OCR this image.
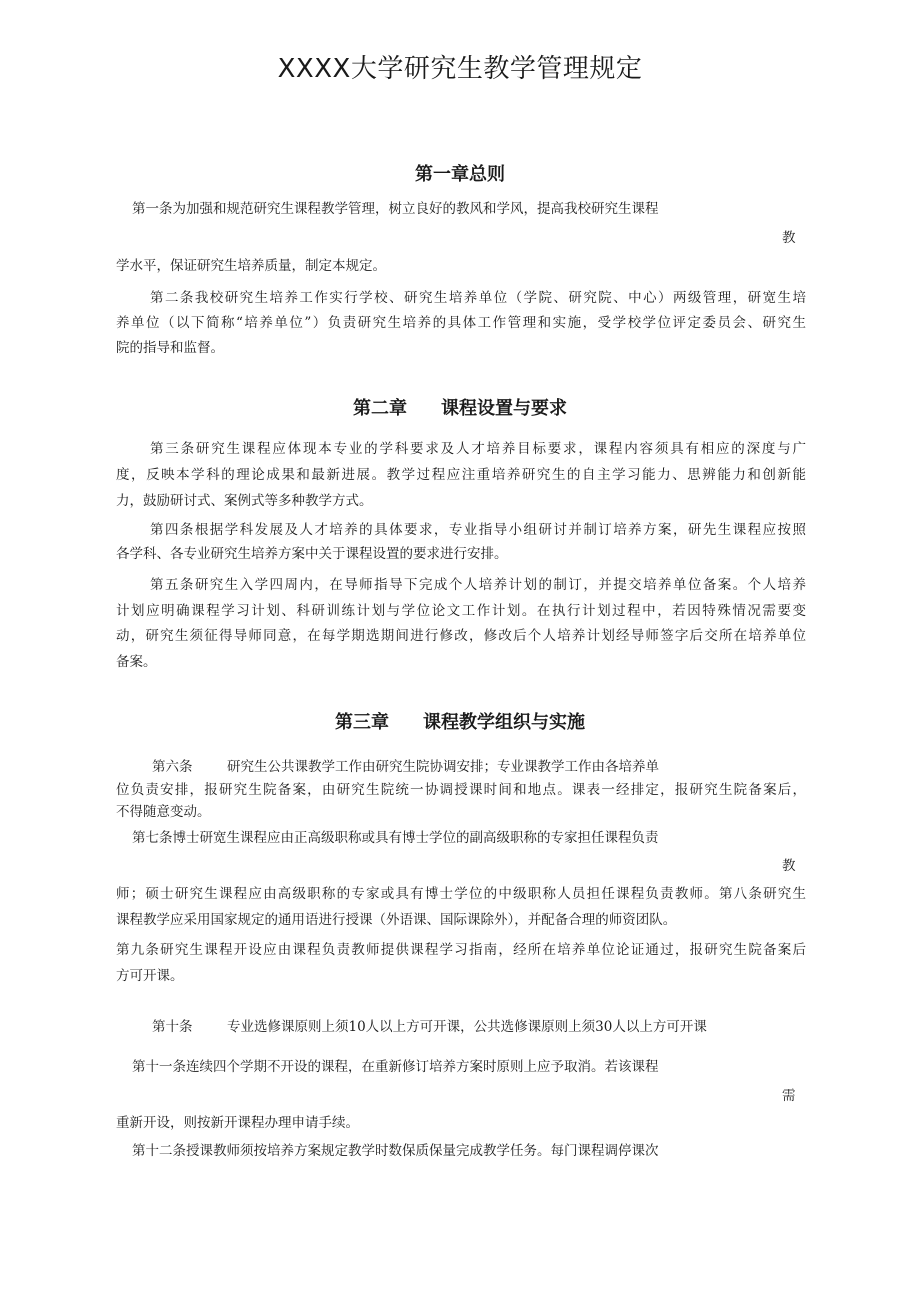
XXXX大学研究生教学管理规定
第一章总则
第一条为加强和规范研究生课程教学管理，树立良好的教风和学风，提高我校研究生课程
教
学水平，保证研究生培养质量，制定本规定。
第二条我校研究生培养工作实行学校、研究生培养单位（学院、研究院、中心）两级管理，研宽生培
养单位（以下简称“培养单位”）负责研究生培养的具体工作管理和实施，受学校学位评定委员会、研究生
院的指导和监督。
第二章 课程设置与要求
第三条研究生课程应体现本专业的学科要求及人才培养目标要求，课程内容须具有相应的深度与广
度，反映本学科的理论成果和最新进展。教学过程应注重培养研究生的自主学习能力、思辨能力和创新能
力，鼓励研讨式、案例式等多种教学方式。
第四条根据学科发展及人才培养的具体要求，专业指导小组研讨并制订培养方案，研先生课程应按照
各学科、各专业研究生培养方案中关于课程设置的要求进行安排。
第五条研究生入学四周内，在导师指导下完成个人培养计划的制订，并提交培养单位备案。个人培养
计划应明确课程学习计划、科研训练计划与学位论文工作计划。在执行计划过程中，若因特殊情况需要变
动，研究生须征得导师同意，在每学期选期间进行修改，修改后个人培养计划经导师签字后交所在培养单位
备案。
第三章 课程教学组织与实施
第六条	研究生公共课教学工作由研究生院协调安排；专业课教学工作由各培养单
位负责安排，报研究生院备案，由研究生院统一协调授课时间和地点。课表一经排定，报研究生院备案后，
不得随意变动。
第七条博士研宽生课程应由正高级职称或具有博士学位的副高级职称的专家担任课程负责
教
师；硕士研究生课程应由高级职称的专家或具有博士学位的中级职称人员担任课程负责教师。第八条研究生
课程教学应采用国家规定的通用语进行授课（外语课、国际课除外），并配备合理的师资团队。
第九条研究生课程开设应由课程负责教师提供课程学习指南，经所在培养单位论证通过，报研究生院备案后
方可开课。
第十条	专业选修课原则上须10人以上方可开课，公共选修课原则上须30人以上方可开课
第十一条连续四个学期不开设的课程，在重新修订培养方案时原则上应予取消。若该课程
需
重新开设，则按新开课程办理申请手续。
第十二条授课教师须按培养方案规定教学时数保质保量完成教学任务。每门课程调停课次
